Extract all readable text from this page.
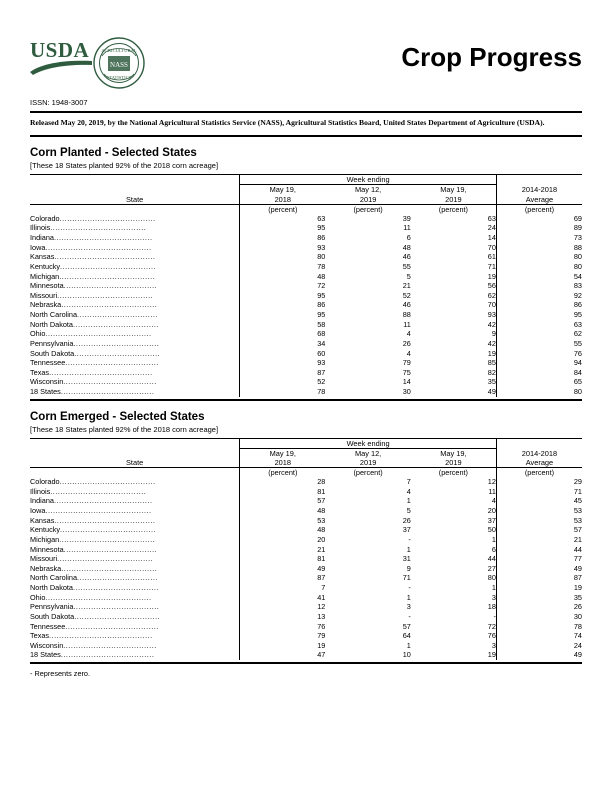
USDA	AGRICULTURAL
STATISTICS
NASS	Crop Progress
ISSN: 1948-3007
Released May 20, 2019, by the National Agricultural Statistics Service (NASS), Agricultural Statistics Board, United States Department of Agriculture (USDA).
Corn Planted - Selected States
[These 18 States planted 92% of the 2018 corn acreage]
State	Week ending			2014-2018
Average

May 19,
2018

May 12,
2019

May 19,
2019

	(percent)	(percent)	(percent)	(percent)
Colorado......................................	63	39	63	69
Illinois......................................	95	11	24	89
Indiana.......................................	86	6	14	73
Iowa..........................................	93	48	70	88
Kansas........................................	80	46	61	80
Kentucky......................................	78	55	71	80
Michigan......................................	48	5	19	54
Minnesota.....................................	72	21	56	83
Missouri......................................	95	52	62	92
Nebraska......................................	86	46	70	86
North Carolina................................	95	88	93	95
North Dakota..................................	58	11	42	63
Ohio..........................................	68	4	9	62
Pennsylvania..................................	34	26	42	55
South Dakota..................................	60	4	19	76
Tennessee.....................................	93	79	85	94
Texas.........................................	87	75	82	84
Wisconsin.....................................	52	14	35	65
18 States.....................................	78	30	49	80
Corn Emerged - Selected States
[These 18 States planted 92% of the 2018 corn acreage]
State	Week ending			2014-2018
Average

May 19,
2018

May 12,
2019

May 19,
2019

	(percent)	(percent)	(percent)	(percent)
Colorado......................................	28	7	12	29
Illinois......................................	81	4	11	71
Indiana.......................................	57	1	4	45
Iowa..........................................	48	5	20	53
Kansas........................................	53	26	37	53
Kentucky......................................	48	37	50	57
Michigan......................................	20	-	1	21
Minnesota.....................................	21	1	6	44
Missouri......................................	81	31	44	77
Nebraska......................................	49	9	27	49
North Carolina................................	87	71	80	87
North Dakota..................................	7	-	1	19
Ohio..........................................	41	1	3	35
Pennsylvania..................................	12	3	18	26
South Dakota..................................	13	-	-	30
Tennessee.....................................	76	57	72	78
Texas.........................................	79	64	76	74
Wisconsin.....................................	19	1	3	24
18 States.....................................	47	10	19	49
- Represents zero.
